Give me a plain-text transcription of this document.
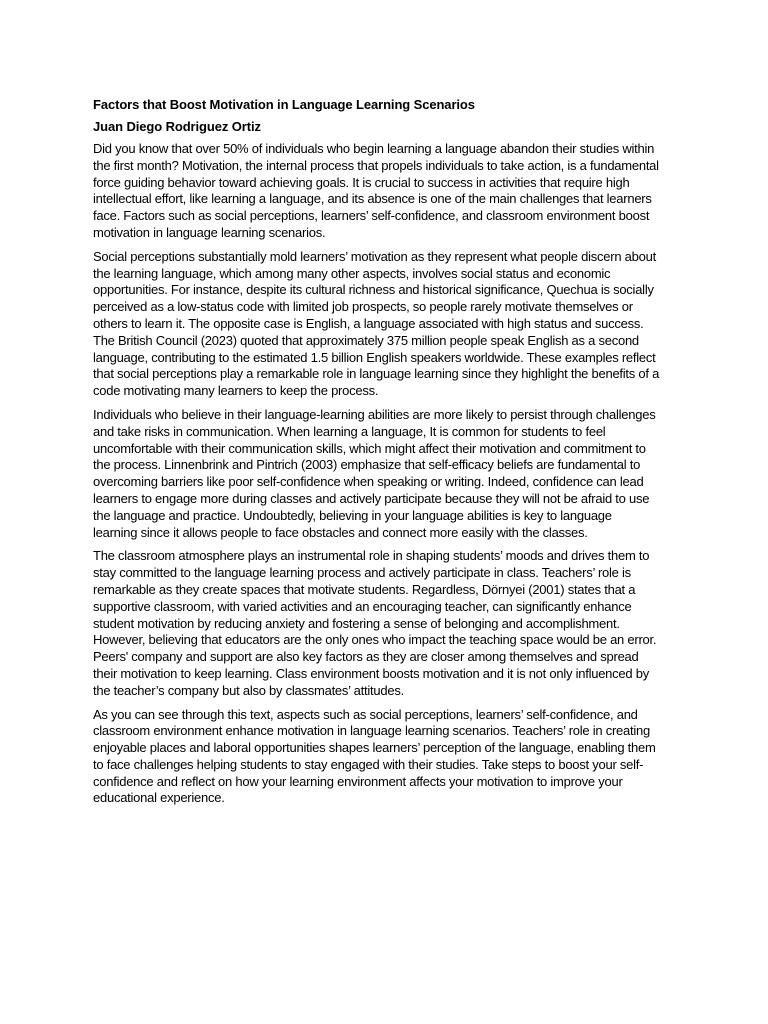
Factors that Boost Motivation in Language Learning Scenarios
Juan Diego Rodriguez Ortiz
Did you know that over 50% of individuals who begin learning a language abandon their studies within
the first month? Motivation, the internal process that propels individuals to take action, is a fundamental
force guiding behavior toward achieving goals. It is crucial to success in activities that require high
intellectual effort, like learning a language, and its absence is one of the main challenges that learners
face. Factors such as social perceptions, learners’ self-confidence, and classroom environment boost
motivation in language learning scenarios.
Social perceptions substantially mold learners’ motivation as they represent what people discern about
the learning language, which among many other aspects, involves social status and economic
opportunities. For instance, despite its cultural richness and historical significance, Quechua is socially
perceived as a low-status code with limited job prospects, so people rarely motivate themselves or
others to learn it. The opposite case is English, a language associated with high status and success.
The British Council (2023) quoted that approximately 375 million people speak English as a second
language, contributing to the estimated 1.5 billion English speakers worldwide. These examples reflect
that social perceptions play a remarkable role in language learning since they highlight the benefits of a
code motivating many learners to keep the process.
Individuals who believe in their language-learning abilities are more likely to persist through challenges
and take risks in communication. When learning a language, It is common for students to feel
uncomfortable with their communication skills, which might affect their motivation and commitment to
the process. Linnenbrink and Pintrich (2003) emphasize that self-efficacy beliefs are fundamental to
overcoming barriers like poor self-confidence when speaking or writing. Indeed, confidence can lead
learners to engage more during classes and actively participate because they will not be afraid to use
the language and practice. Undoubtedly, believing in your language abilities is key to language
learning since it allows people to face obstacles and connect more easily with the classes.
The classroom atmosphere plays an instrumental role in shaping students’ moods and drives them to
stay committed to the language learning process and actively participate in class. Teachers’ role is
remarkable as they create spaces that motivate students. Regardless, Dörnyei (2001) states that a
supportive classroom, with varied activities and an encouraging teacher, can significantly enhance
student motivation by reducing anxiety and fostering a sense of belonging and accomplishment.
However, believing that educators are the only ones who impact the teaching space would be an error.
Peers' company and support are also key factors as they are closer among themselves and spread
their motivation to keep learning. Class environment boosts motivation and it is not only influenced by
the teacher’s company but also by classmates’ attitudes.
As you can see through this text, aspects such as social perceptions, learners’ self-confidence, and
classroom environment enhance motivation in language learning scenarios. Teachers’ role in creating
enjoyable places and laboral opportunities shapes learners’ perception of the language, enabling them
to face challenges helping students to stay engaged with their studies. Take steps to boost your self-
confidence and reflect on how your learning environment affects your motivation to improve your
educational experience.
